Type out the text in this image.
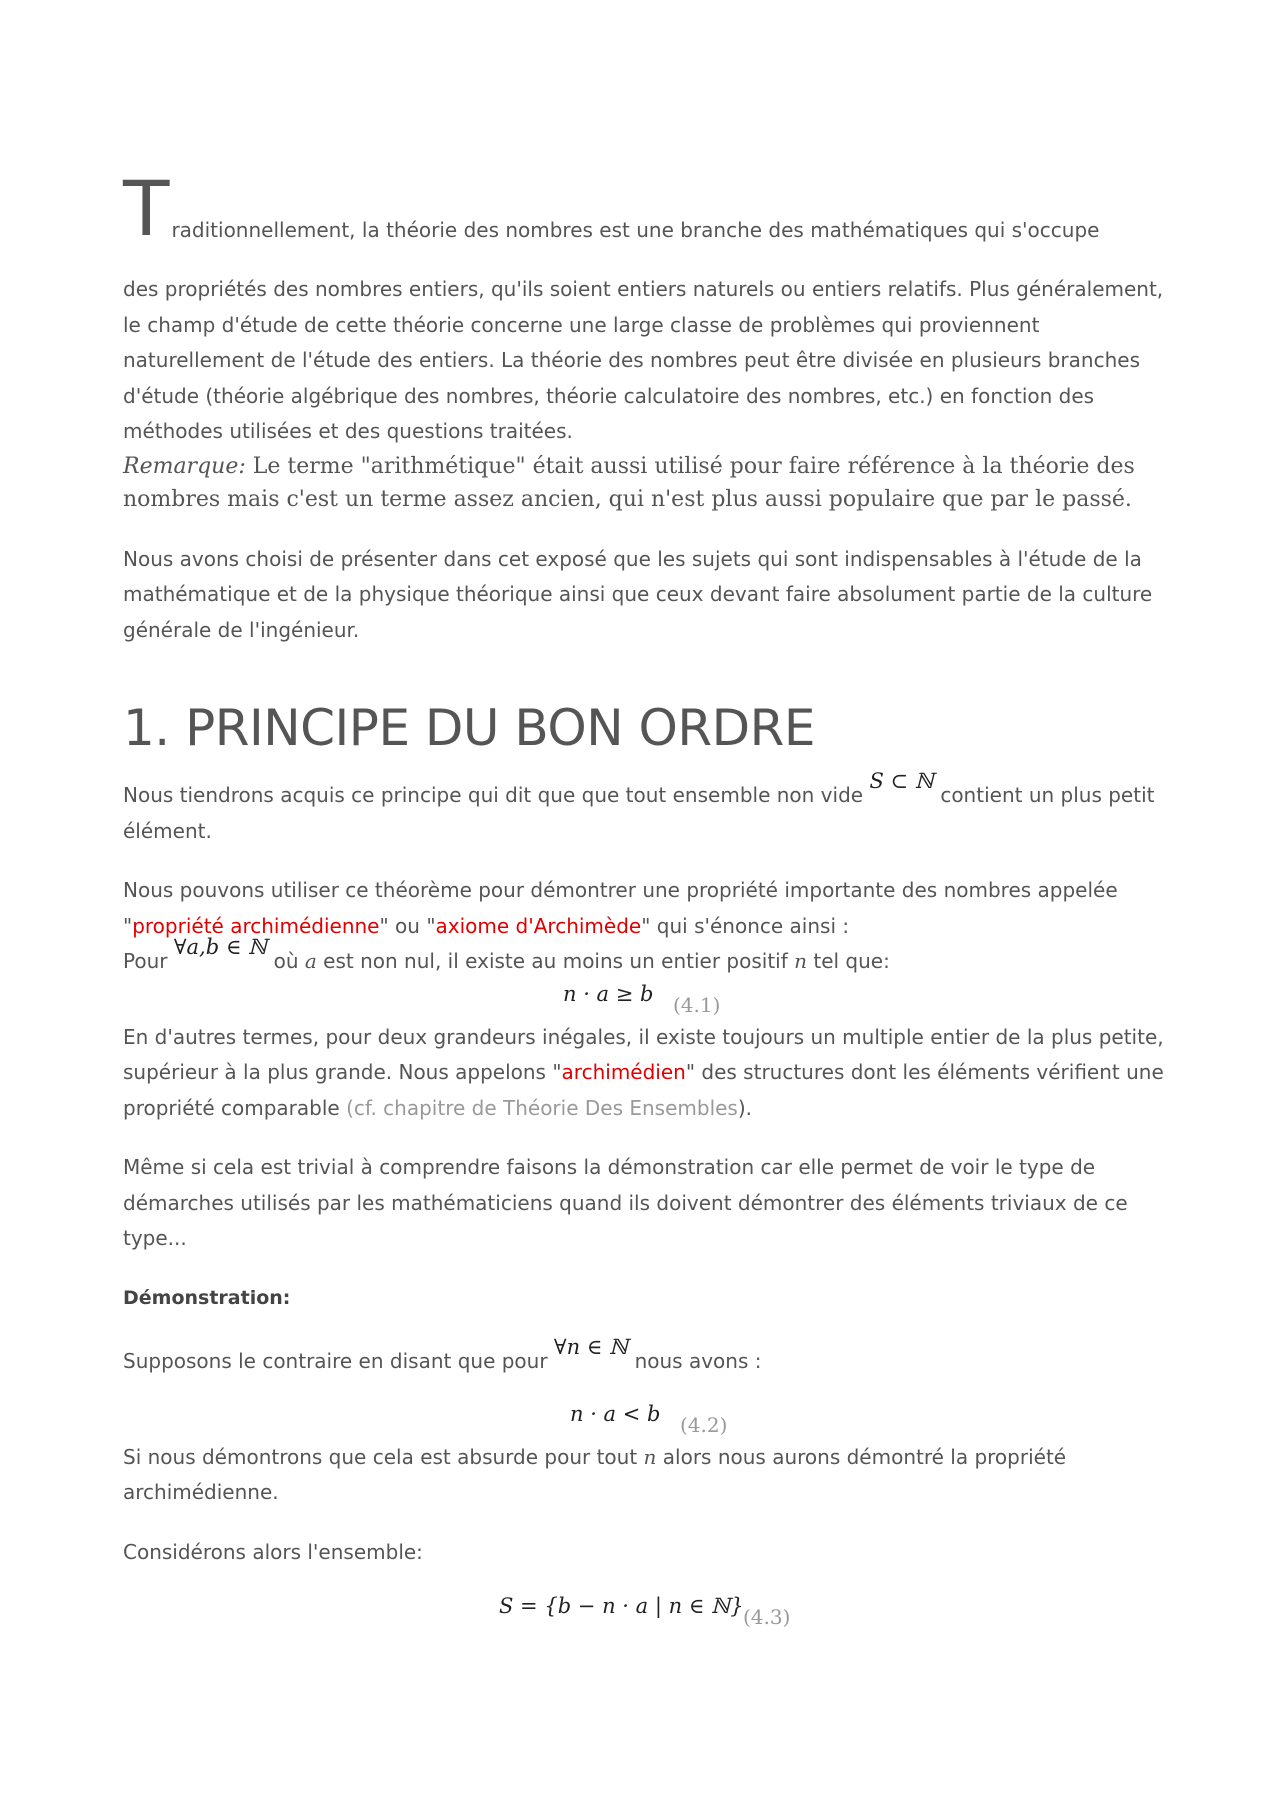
T raditionnellement, la théorie des nombres est une branche des mathématiques qui s'occupe

des propriétés des nombres entiers, qu'ils soient entiers naturels ou entiers relatifs. Plus généralement, le champ d'étude de cette théorie concerne une large classe de problèmes qui proviennent naturellement de l'étude des entiers. La théorie des nombres peut être divisée en plusieurs branches d'étude (théorie algébrique des nombres, théorie calculatoire des nombres, etc.) en fonction des méthodes utilisées et des questions traitées.

Remarque: Le terme "arithmétique" était aussi utilisé pour faire référence à la théorie des nombres mais c'est un terme assez ancien, qui n'est plus aussi populaire que par le passé.

Nous avons choisi de présenter dans cet exposé que les sujets qui sont indispensables à l'étude de la mathématique et de la physique théorique ainsi que ceux devant faire absolument partie de la culture générale de l'ingénieur.

1. PRINCIPE DU BON ORDRE

Nous tiendrons acquis ce principe qui dit que que tout ensemble non vide S ⊂ ℕ contient un plus petit élément.

Nous pouvons utiliser ce théorème pour démontrer une propriété importante des nombres appelée "propriété archimédienne" ou "axiome d'Archimède" qui s'énonce ainsi :

Pour ∀a,b ∈ ℕ où a est non nul, il existe au moins un entier positif n tel que:

n · a ≥ b (4.1)

En d'autres termes, pour deux grandeurs inégales, il existe toujours un multiple entier de la plus petite, supérieur à la plus grande. Nous appelons "archimédien" des structures dont les éléments vérifient une propriété comparable (cf. chapitre de Théorie Des Ensembles).

Même si cela est trivial à comprendre faisons la démonstration car elle permet de voir le type de démarches utilisés par les mathématiciens quand ils doivent démontrer des éléments triviaux de ce type...

Démonstration:

Supposons le contraire en disant que pour ∀n ∈ ℕ nous avons :

n · a < b (4.2)

Si nous démontrons que cela est absurde pour tout n alors nous aurons démontré la propriété archimédienne.

Considérons alors l'ensemble:

S = {b − n · a | n ∈ ℕ} (4.3)
